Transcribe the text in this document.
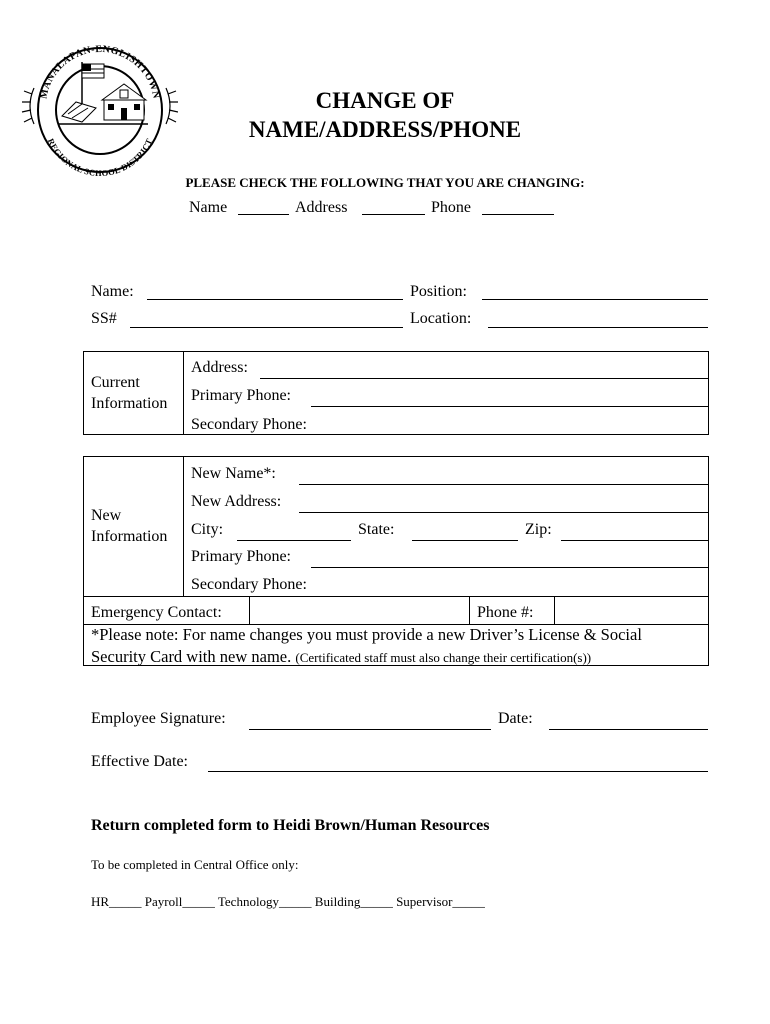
MANALAPAN-ENGLISHTOWN
REGIONAL SCHOOL DISTRICT
CHANGE OF
NAME/ADDRESS/PHONE
PLEASE CHECK THE FOLLOWING THAT YOU ARE CHANGING:
Name	Address	Phone
Name:	Position:
SS#	Location:
Current
Information
Address:
Primary Phone:
Secondary Phone:
New
Information
New Name*:
New Address:
City:	State:	Zip:
Primary Phone:
Secondary Phone:
Emergency Contact:	Phone #:
*Please note: For name changes you must provide a new Driver’s License & Social
Security Card with new name. (Certificated staff must also change their certification(s))
Employee Signature:	Date:
Effective Date:
Return completed form to Heidi Brown/Human Resources
To be completed in Central Office only:
HR_____ Payroll_____ Technology_____ Building_____ Supervisor_____
